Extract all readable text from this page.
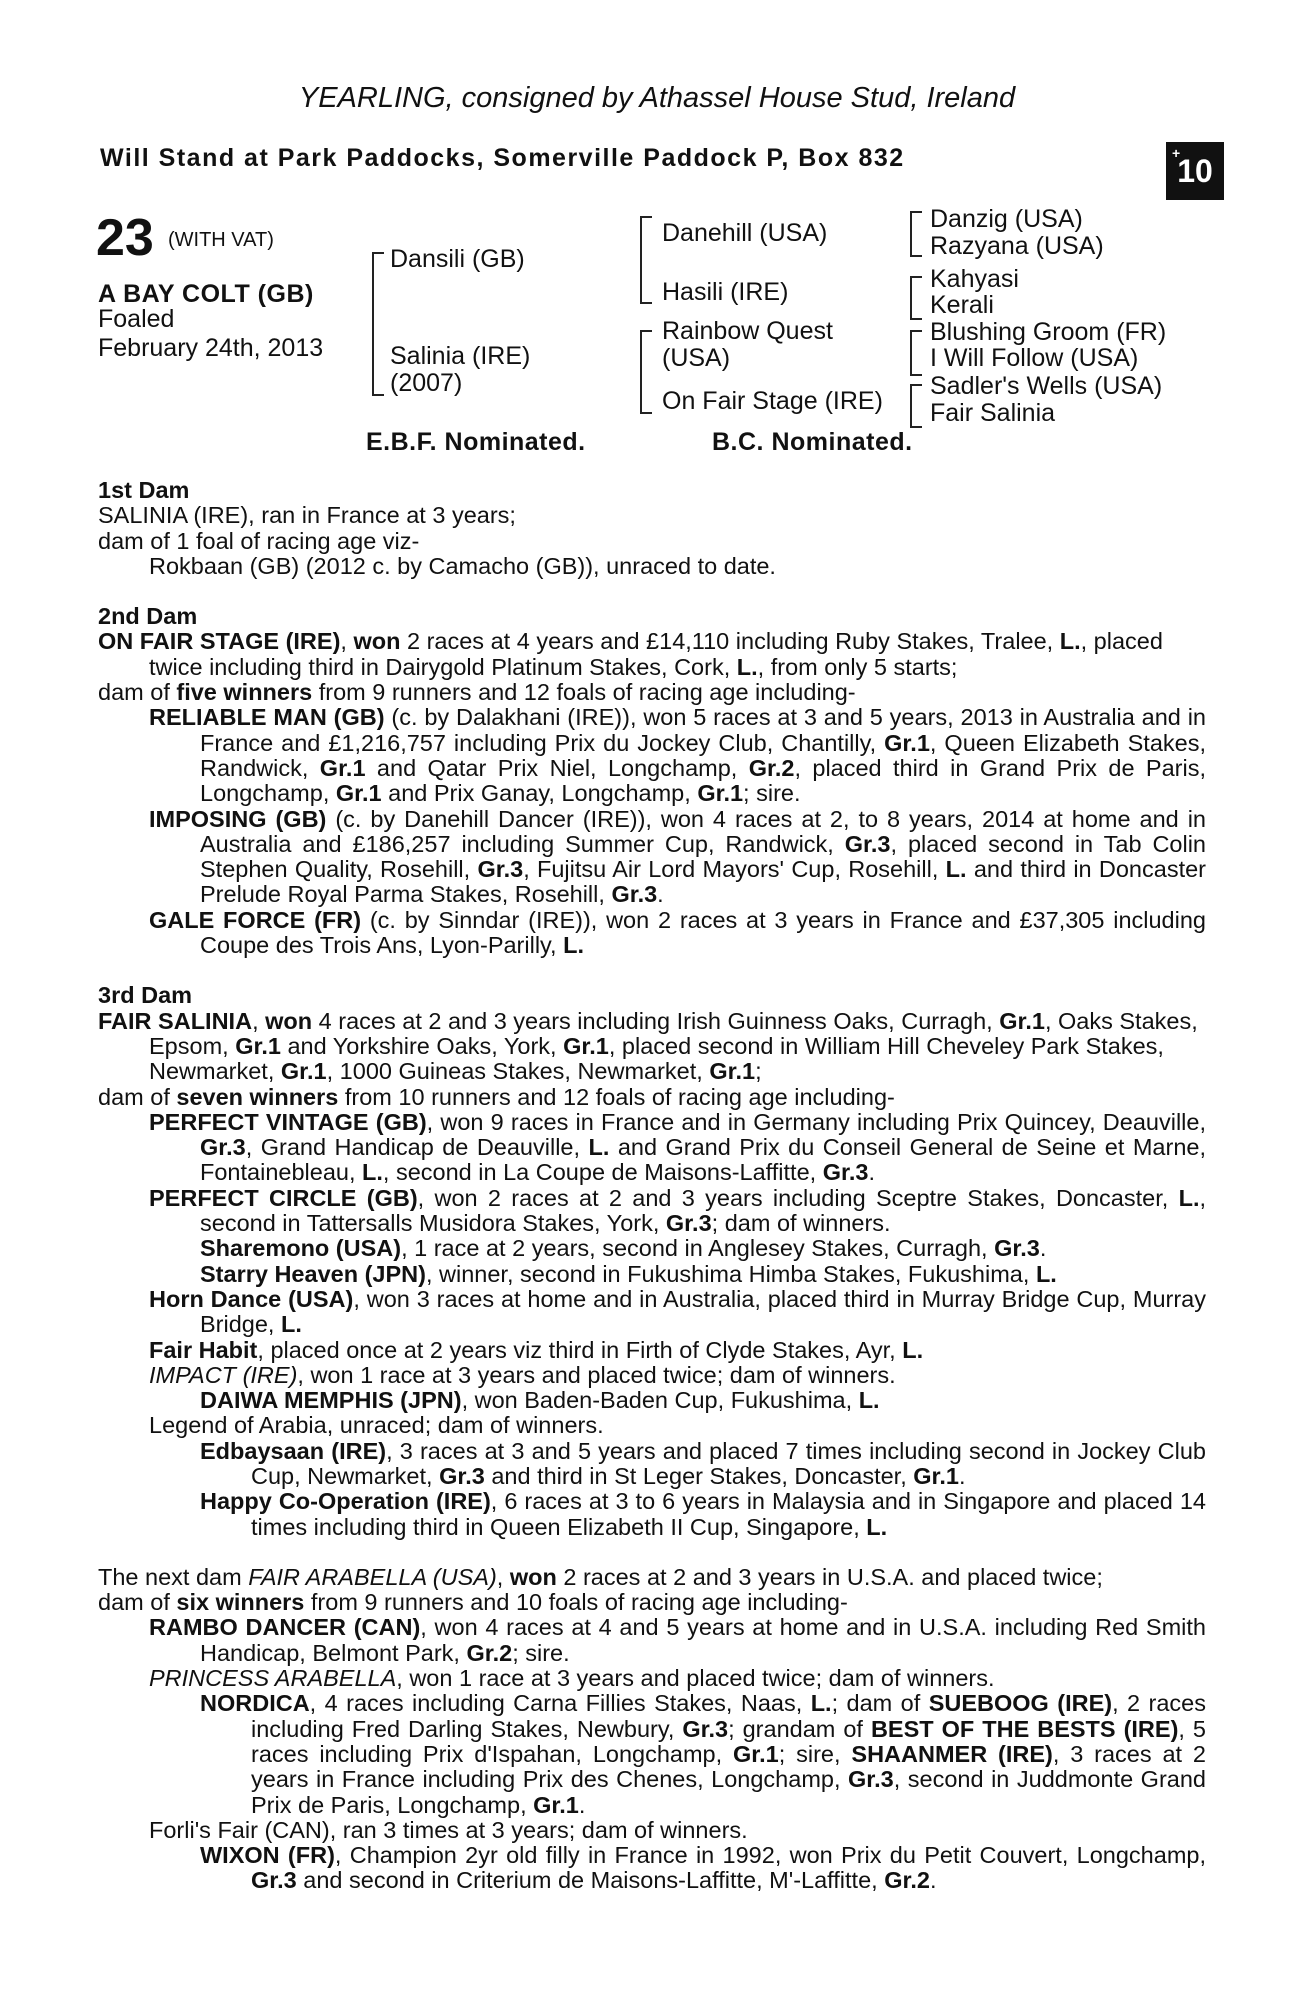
YEARLING, consigned by Athassel House Stud, Ireland
Will Stand at Park Paddocks, Somerville Paddock P, Box 832	+
10
23 (WITH VAT)
A BAY COLT (GB)
Foaled
February 24th, 2013
Dansili (GB)
Salinia (IRE)
(2007)
Danehill (USA)
Hasili (IRE)
Rainbow Quest
(USA)
On Fair Stage (IRE)
Danzig (USA)
Razyana (USA)
Kahyasi
Kerali
Blushing Groom (FR)
I Will Follow (USA)
Sadler's Wells (USA)
Fair Salinia
E.B.F. Nominated.	B.C. Nominated.
1st Dam
SALINIA (IRE), ran in France at 3 years;
dam of 1 foal of racing age viz-
Rokbaan (GB) (2012 c. by Camacho (GB)), unraced to date.
2nd Dam
ON FAIR STAGE (IRE), won 2 races at 4 years and £14,110 including Ruby Stakes, Tralee, L., placed twice including third in Dairygold Platinum Stakes, Cork, L., from only 5 starts;
dam of five winners from 9 runners and 12 foals of racing age including-
RELIABLE MAN (GB) (c. by Dalakhani (IRE)), won 5 races at 3 and 5 years, 2013 in Australia and in France and £1,216,757 including Prix du Jockey Club, Chantilly, Gr.1, Queen Elizabeth Stakes, Randwick, Gr.1 and Qatar Prix Niel, Longchamp, Gr.2, placed third in Grand Prix de Paris, Longchamp, Gr.1 and Prix Ganay, Longchamp, Gr.1; sire.
IMPOSING (GB) (c. by Danehill Dancer (IRE)), won 4 races at 2, to 8 years, 2014 at home and in Australia and £186,257 including Summer Cup, Randwick, Gr.3, placed second in Tab Colin Stephen Quality, Rosehill, Gr.3, Fujitsu Air Lord Mayors' Cup, Rosehill, L. and third in Doncaster Prelude Royal Parma Stakes, Rosehill, Gr.3.
GALE FORCE (FR) (c. by Sinndar (IRE)), won 2 races at 3 years in France and £37,305 including Coupe des Trois Ans, Lyon-Parilly, L.
3rd Dam
FAIR SALINIA, won 4 races at 2 and 3 years including Irish Guinness Oaks, Curragh, Gr.1, Oaks Stakes, Epsom, Gr.1 and Yorkshire Oaks, York, Gr.1, placed second in William Hill Cheveley Park Stakes, Newmarket, Gr.1, 1000 Guineas Stakes, Newmarket, Gr.1;
dam of seven winners from 10 runners and 12 foals of racing age including-
PERFECT VINTAGE (GB), won 9 races in France and in Germany including Prix Quincey, Deauville, Gr.3, Grand Handicap de Deauville, L. and Grand Prix du Conseil General de Seine et Marne, Fontainebleau, L., second in La Coupe de Maisons-Laffitte, Gr.3.
PERFECT CIRCLE (GB), won 2 races at 2 and 3 years including Sceptre Stakes, Doncaster, L., second in Tattersalls Musidora Stakes, York, Gr.3; dam of winners.
Sharemono (USA), 1 race at 2 years, second in Anglesey Stakes, Curragh, Gr.3.
Starry Heaven (JPN), winner, second in Fukushima Himba Stakes, Fukushima, L.
Horn Dance (USA), won 3 races at home and in Australia, placed third in Murray Bridge Cup, Murray Bridge, L.
Fair Habit, placed once at 2 years viz third in Firth of Clyde Stakes, Ayr, L.
IMPACT (IRE), won 1 race at 3 years and placed twice; dam of winners.
DAIWA MEMPHIS (JPN), won Baden-Baden Cup, Fukushima, L.
Legend of Arabia, unraced; dam of winners.
Edbaysaan (IRE), 3 races at 3 and 5 years and placed 7 times including second in Jockey Club Cup, Newmarket, Gr.3 and third in St Leger Stakes, Doncaster, Gr.1.
Happy Co-Operation (IRE), 6 races at 3 to 6 years in Malaysia and in Singapore and placed 14 times including third in Queen Elizabeth II Cup, Singapore, L.
The next dam FAIR ARABELLA (USA), won 2 races at 2 and 3 years in U.S.A. and placed twice;
dam of six winners from 9 runners and 10 foals of racing age including-
RAMBO DANCER (CAN), won 4 races at 4 and 5 years at home and in U.S.A. including Red Smith Handicap, Belmont Park, Gr.2; sire.
PRINCESS ARABELLA, won 1 race at 3 years and placed twice; dam of winners.
NORDICA, 4 races including Carna Fillies Stakes, Naas, L.; dam of SUEBOOG (IRE), 2 races including Fred Darling Stakes, Newbury, Gr.3; grandam of BEST OF THE BESTS (IRE), 5 races including Prix d'Ispahan, Longchamp, Gr.1; sire, SHAANMER (IRE), 3 races at 2 years in France including Prix des Chenes, Longchamp, Gr.3, second in Juddmonte Grand Prix de Paris, Longchamp, Gr.1.
Forli's Fair (CAN), ran 3 times at 3 years; dam of winners.
WIXON (FR), Champion 2yr old filly in France in 1992, won Prix du Petit Couvert, Longchamp, Gr.3 and second in Criterium de Maisons-Laffitte, M'-Laffitte, Gr.2.
